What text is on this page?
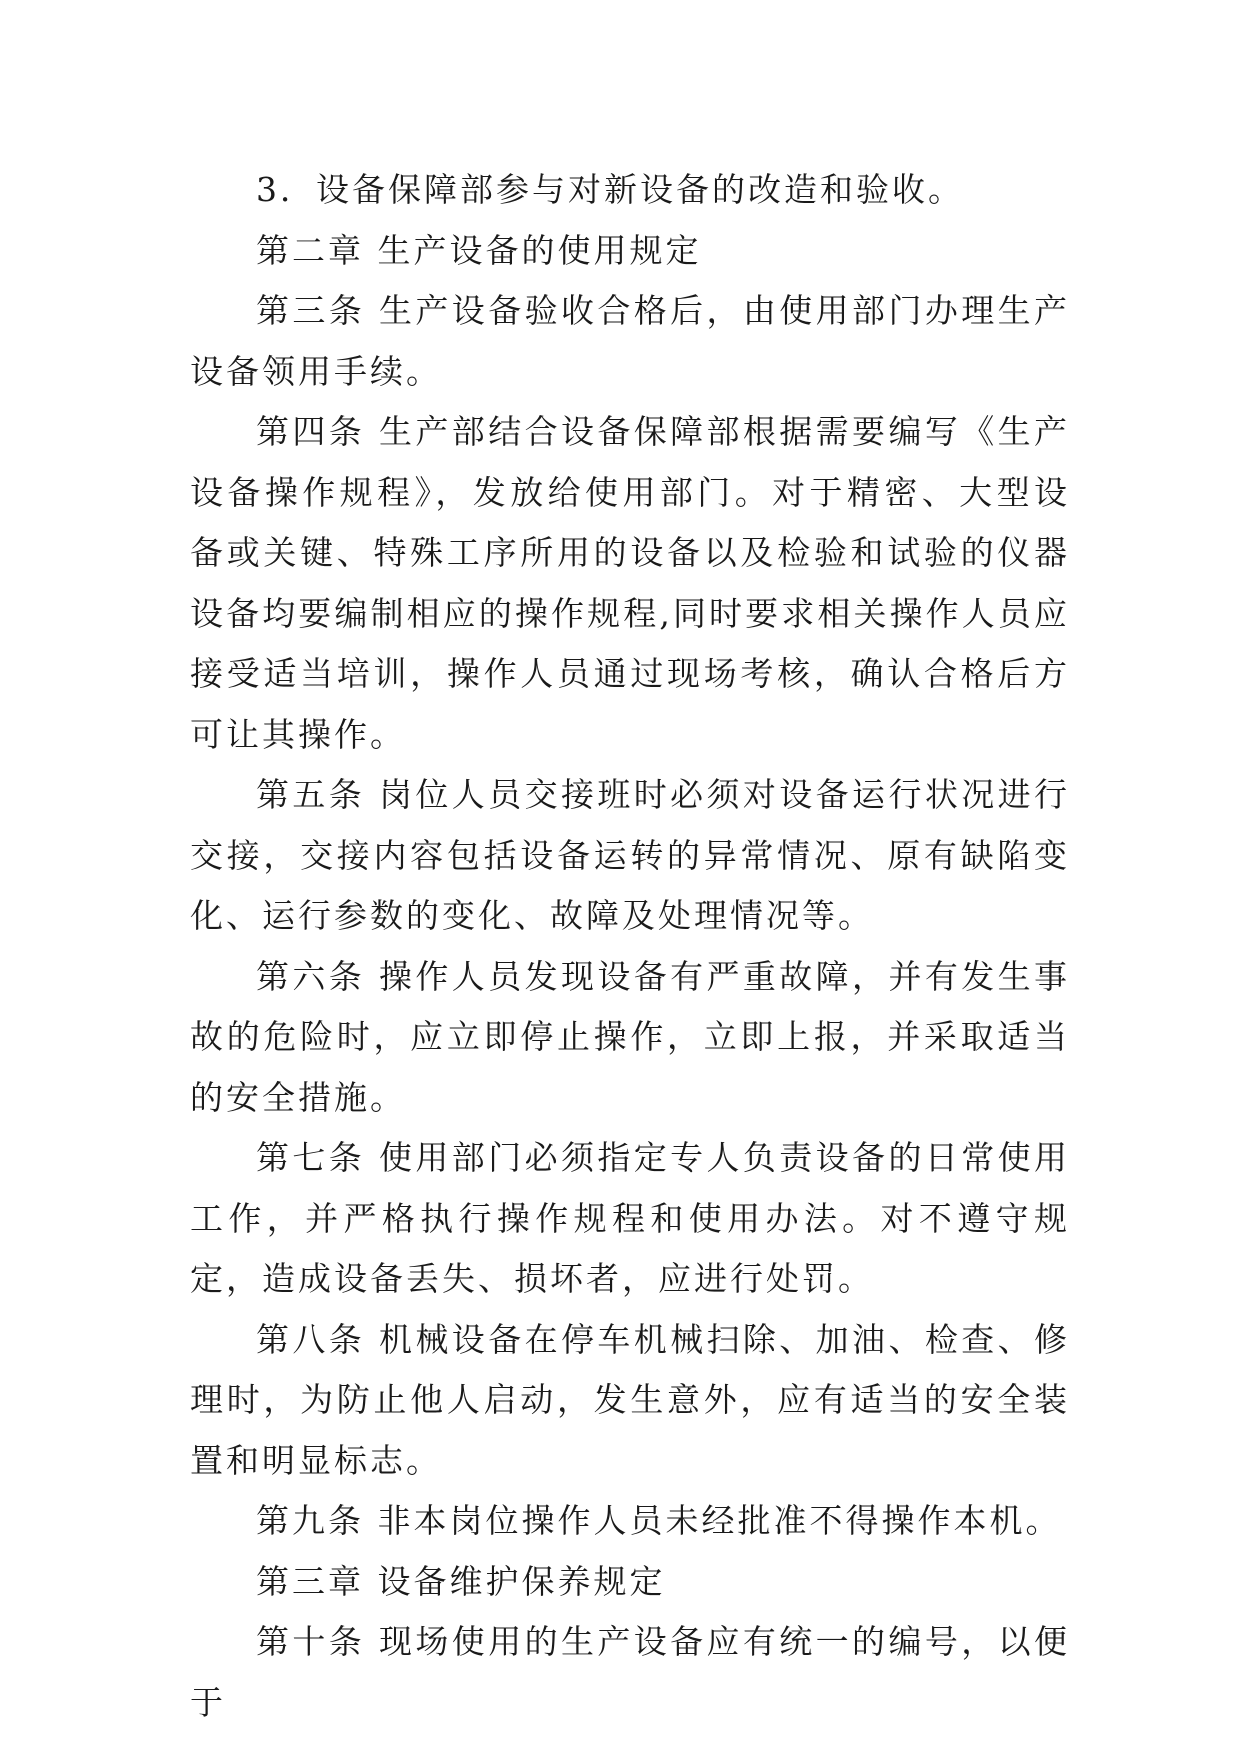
3．设备保障部参与对新设备的改造和验收。

第二章 生产设备的使用规定

第三条 生产设备验收合格后，由使用部门办理生产设备领用手续。

第四条 生产部结合设备保障部根据需要编写《生产设备操作规程》，发放给使用部门。对于精密、大型设备或关键、特殊工序所用的设备以及检验和试验的仪器设备均要编制相应的操作规程,同时要求相关操作人员应接受适当培训，操作人员通过现场考核，确认合格后方可让其操作。

第五条 岗位人员交接班时必须对设备运行状况进行交接，交接内容包括设备运转的异常情况、原有缺陷变化、运行参数的变化、故障及处理情况等。

第六条 操作人员发现设备有严重故障，并有发生事故的危险时，应立即停止操作，立即上报，并采取适当的安全措施。

第七条 使用部门必须指定专人负责设备的日常使用工作，并严格执行操作规程和使用办法。对不遵守规定，造成设备丢失、损坏者，应进行处罚。

第八条 机械设备在停车机械扫除、加油、检查、修理时，为防止他人启动，发生意外，应有适当的安全装置和明显标志。

第九条 非本岗位操作人员未经批准不得操作本机。

第三章 设备维护保养规定

第十条 现场使用的生产设备应有统一的编号，以便于
